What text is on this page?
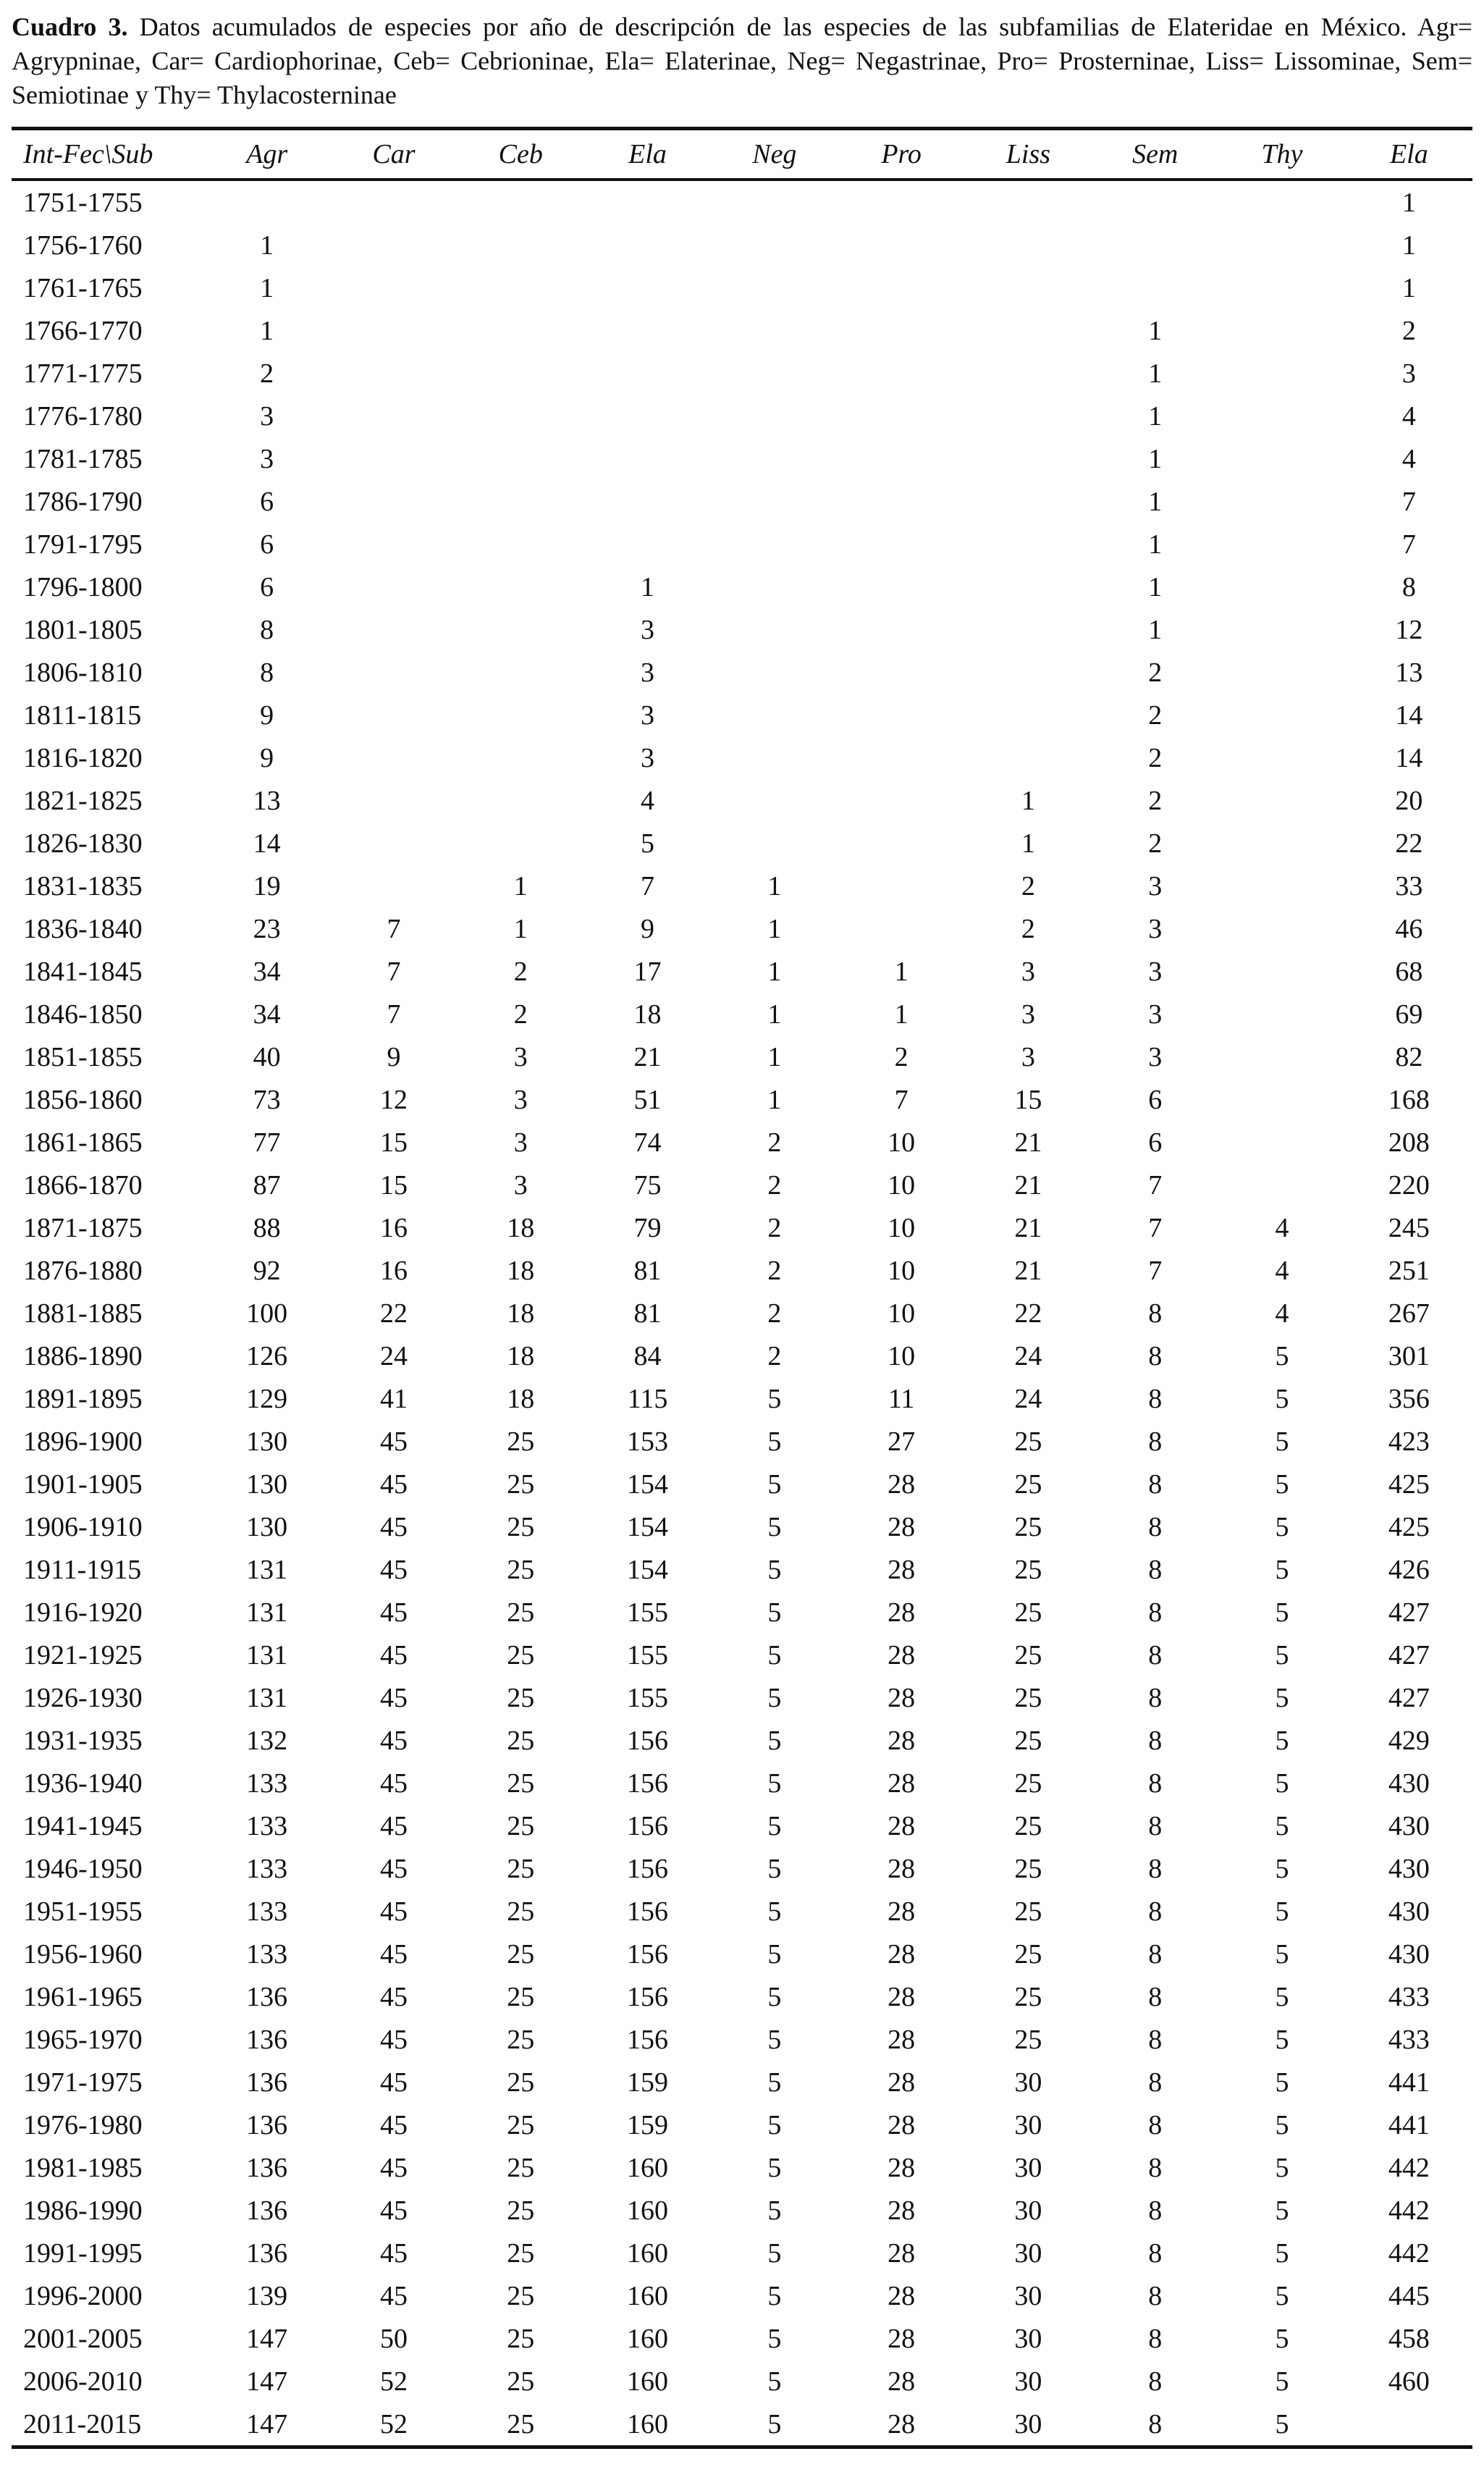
Cuadro 3. Datos acumulados de especies por año de descripción de las especies de las subfamilias de Elateridae en México. Agr= Agrypninae, Car= Cardiophorinae, Ceb= Cebrioninae, Ela= Elaterinae, Neg= Negastrinae, Pro= Prosterninae, Liss= Lissominae, Sem= Semiotinae y Thy= Thylacosterninae

Int-Fec\Sub	Agr	Car	Ceb	Ela	Neg	Pro	Liss	Sem	Thy	Ela
1751-1755										1
1756-1760	1									1
1761-1765	1									1
1766-1770	1							1		2
1771-1775	2							1		3
1776-1780	3							1		4
1781-1785	3							1		4
1786-1790	6							1		7
1791-1795	6							1		7
1796-1800	6			1				1		8
1801-1805	8			3				1		12
1806-1810	8			3				2		13
1811-1815	9			3				2		14
1816-1820	9			3				2		14
1821-1825	13			4			1	2		20
1826-1830	14			5			1	2		22
1831-1835	19		1	7	1		2	3		33
1836-1840	23	7	1	9	1		2	3		46
1841-1845	34	7	2	17	1	1	3	3		68
1846-1850	34	7	2	18	1	1	3	3		69
1851-1855	40	9	3	21	1	2	3	3		82
1856-1860	73	12	3	51	1	7	15	6		168
1861-1865	77	15	3	74	2	10	21	6		208
1866-1870	87	15	3	75	2	10	21	7		220
1871-1875	88	16	18	79	2	10	21	7	4	245
1876-1880	92	16	18	81	2	10	21	7	4	251
1881-1885	100	22	18	81	2	10	22	8	4	267
1886-1890	126	24	18	84	2	10	24	8	5	301
1891-1895	129	41	18	115	5	11	24	8	5	356
1896-1900	130	45	25	153	5	27	25	8	5	423
1901-1905	130	45	25	154	5	28	25	8	5	425
1906-1910	130	45	25	154	5	28	25	8	5	425
1911-1915	131	45	25	154	5	28	25	8	5	426
1916-1920	131	45	25	155	5	28	25	8	5	427
1921-1925	131	45	25	155	5	28	25	8	5	427
1926-1930	131	45	25	155	5	28	25	8	5	427
1931-1935	132	45	25	156	5	28	25	8	5	429
1936-1940	133	45	25	156	5	28	25	8	5	430
1941-1945	133	45	25	156	5	28	25	8	5	430
1946-1950	133	45	25	156	5	28	25	8	5	430
1951-1955	133	45	25	156	5	28	25	8	5	430
1956-1960	133	45	25	156	5	28	25	8	5	430
1961-1965	136	45	25	156	5	28	25	8	5	433
1965-1970	136	45	25	156	5	28	25	8	5	433
1971-1975	136	45	25	159	5	28	30	8	5	441
1976-1980	136	45	25	159	5	28	30	8	5	441
1981-1985	136	45	25	160	5	28	30	8	5	442
1986-1990	136	45	25	160	5	28	30	8	5	442
1991-1995	136	45	25	160	5	28	30	8	5	442
1996-2000	139	45	25	160	5	28	30	8	5	445
2001-2005	147	50	25	160	5	28	30	8	5	458
2006-2010	147	52	25	160	5	28	30	8	5	460
2011-2015	147	52	25	160	5	28	30	8	5	
